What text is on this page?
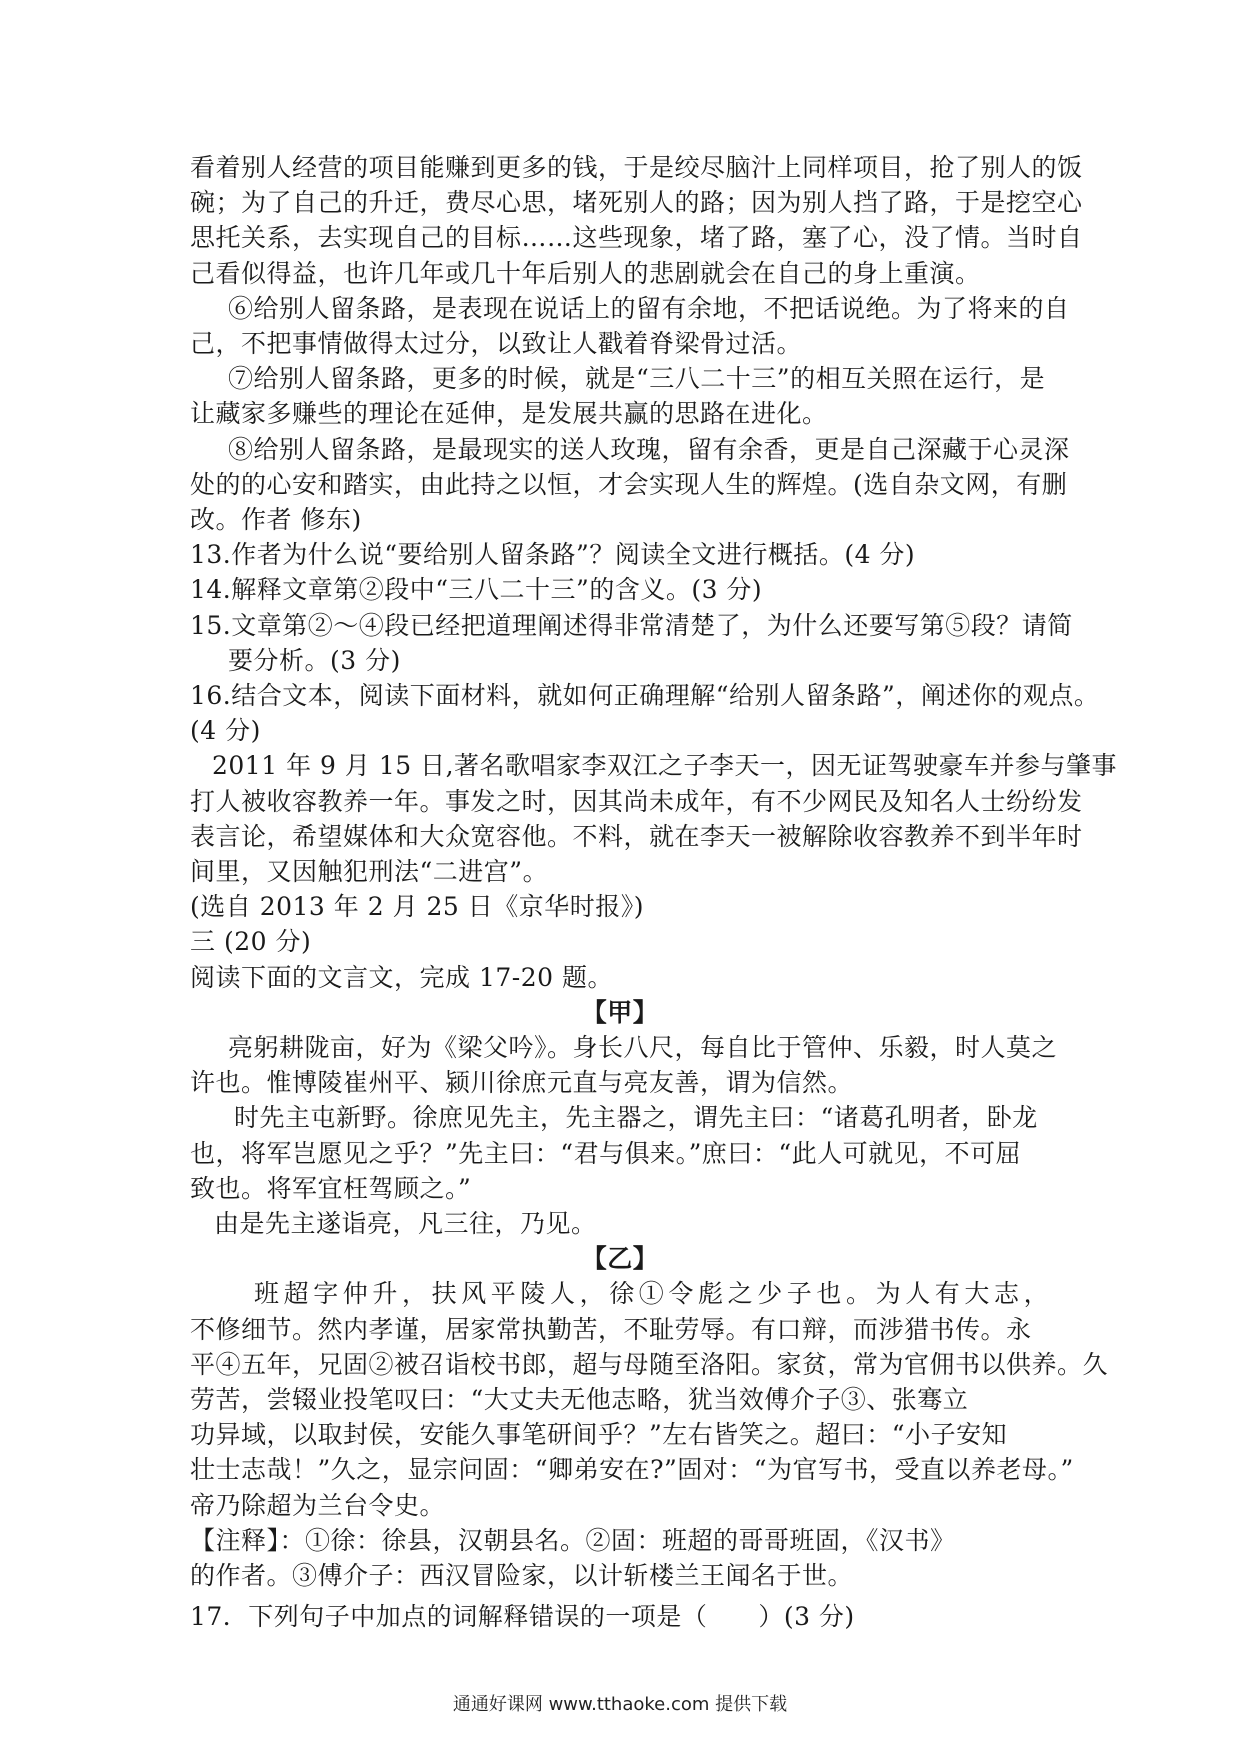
看着别人经营的项目能赚到更多的钱，于是绞尽脑汁上同样项目，抢了别人的饭
碗；为了自己的升迁，费尽心思，堵死别人的路；因为别人挡了路，于是挖空心
思托关系，去实现自己的目标……这些现象，堵了路，塞了心，没了情。当时自
己看似得益，也许几年或几十年后别人的悲剧就会在自己的身上重演。
⑥给别人留条路，是表现在说话上的留有余地，不把话说绝。为了将来的自
己，不把事情做得太过分，以致让人戳着脊梁骨过活。
⑦给别人留条路，更多的时候，就是“三八二十三”的相互关照在运行，是
让藏家多赚些的理论在延伸，是发展共赢的思路在进化。
⑧给别人留条路，是最现实的送人玫瑰，留有余香，更是自己深藏于心灵深
处的的心安和踏实，由此持之以恒，才会实现人生的辉煌。(选自杂文网，有删
改。作者 修东)
13.作者为什么说“要给别人留条路”？阅读全文进行概括。(4 分)
14.解释文章第②段中“三八二十三”的含义。(3 分)
15.文章第②～④段已经把道理阐述得非常清楚了，为什么还要写第⑤段？请简
要分析。(3 分)
16.结合文本，阅读下面材料，就如何正确理解“给别人留条路”，阐述你的观点。
(4 分)
2011 年 9 月 15 日,著名歌唱家李双江之子李天一，因无证驾驶豪车并参与肇事
打人被收容教养一年。事发之时，因其尚未成年，有不少网民及知名人士纷纷发
表言论，希望媒体和大众宽容他。不料，就在李天一被解除收容教养不到半年时
间里，又因触犯刑法“二进宫”。
(选自 2013 年 2 月 25 日《京华时报》)
三 (20 分)
阅读下面的文言文，完成 17-20 题。
【甲】
亮躬耕陇亩，好为《梁父吟》。身长八尺，每自比于管仲、乐毅，时人莫之
许也。惟博陵崔州平、颍川徐庶元直与亮友善，谓为信然。
时先主屯新野。徐庶见先主，先主器之，谓先主曰：“诸葛孔明者，卧龙
也，将军岂愿见之乎？”先主曰：“君与俱来。”庶曰：“此人可就见，不可屈
致也。将军宜枉驾顾之。”
由是先主遂诣亮，凡三往，乃见。
【乙】
班超字仲升，扶风平陵人，徐①令彪之少子也。为人有大志，
不修细节。然内孝谨，居家常执勤苦，不耻劳辱。有口辩，而涉猎书传。永
平④五年，兄固②被召诣校书郎，超与母随至洛阳。家贫，常为官佣书以供养。久
劳苦，尝辍业投笔叹曰：“大丈夫无他志略，犹当效傅介子③、张骞立
功异域，以取封侯，安能久事笔研间乎？”左右皆笑之。超曰：“小子安知
壮士志哉！”久之，显宗问固：“卿弟安在?”固对：“为官写书，受直以养老母。”
帝乃除超为兰台令史。
【注释】：①徐：徐县，汉朝县名。②固：班超的哥哥班固，《汉书》
的作者。③傅介子：西汉冒险家，以计斩楼兰王闻名于世。
17．下列句子中加点的词解释错误的一项是（　　）(3 分)
通通好课网 www.tthaoke.com 提供下载
